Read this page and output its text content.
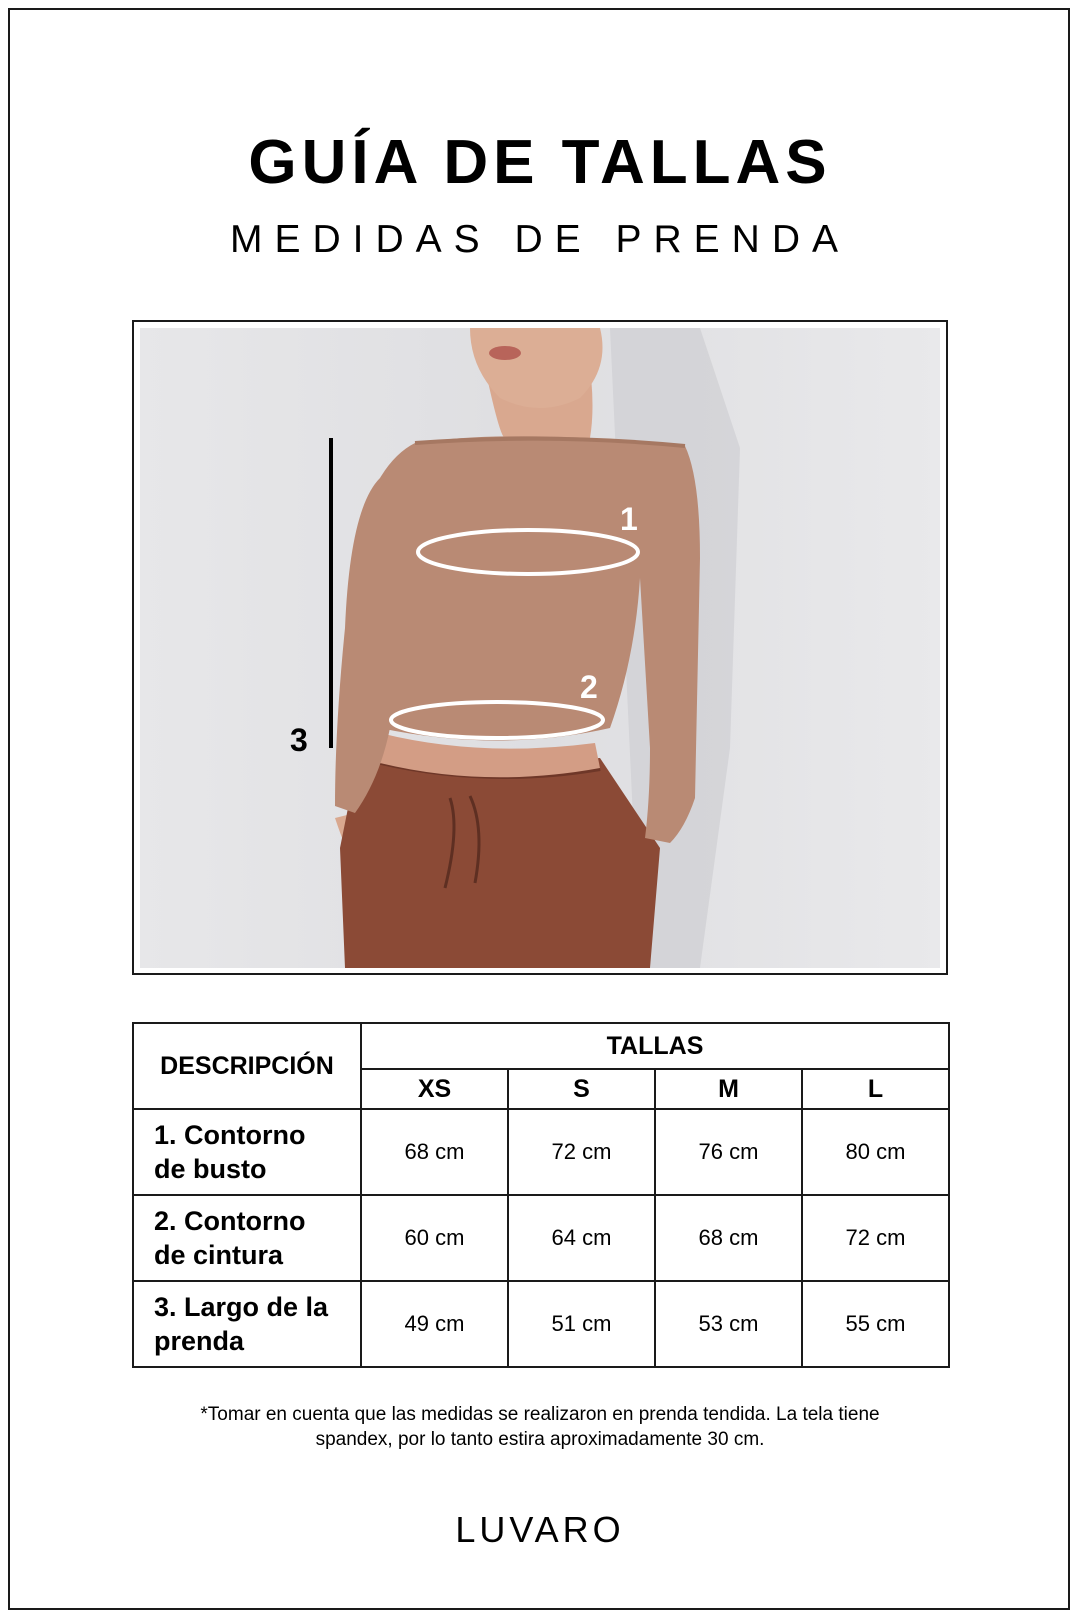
GUÍA DE TALLAS
MEDIDAS DE PRENDA
1
2
3
DESCRIPCIÓN	TALLAS			
	XS	S	M	L
1. Contorno
de busto	68 cm	72 cm	76 cm	80 cm
2. Contorno
de cintura	60 cm	64 cm	68 cm	72 cm
3. Largo de la
prenda	49 cm	51 cm	53 cm	55 cm
*Tomar en cuenta que las medidas se realizaron en prenda tendida. La tela tiene
spandex, por lo tanto estira aproximadamente 30 cm.
LUVARO
